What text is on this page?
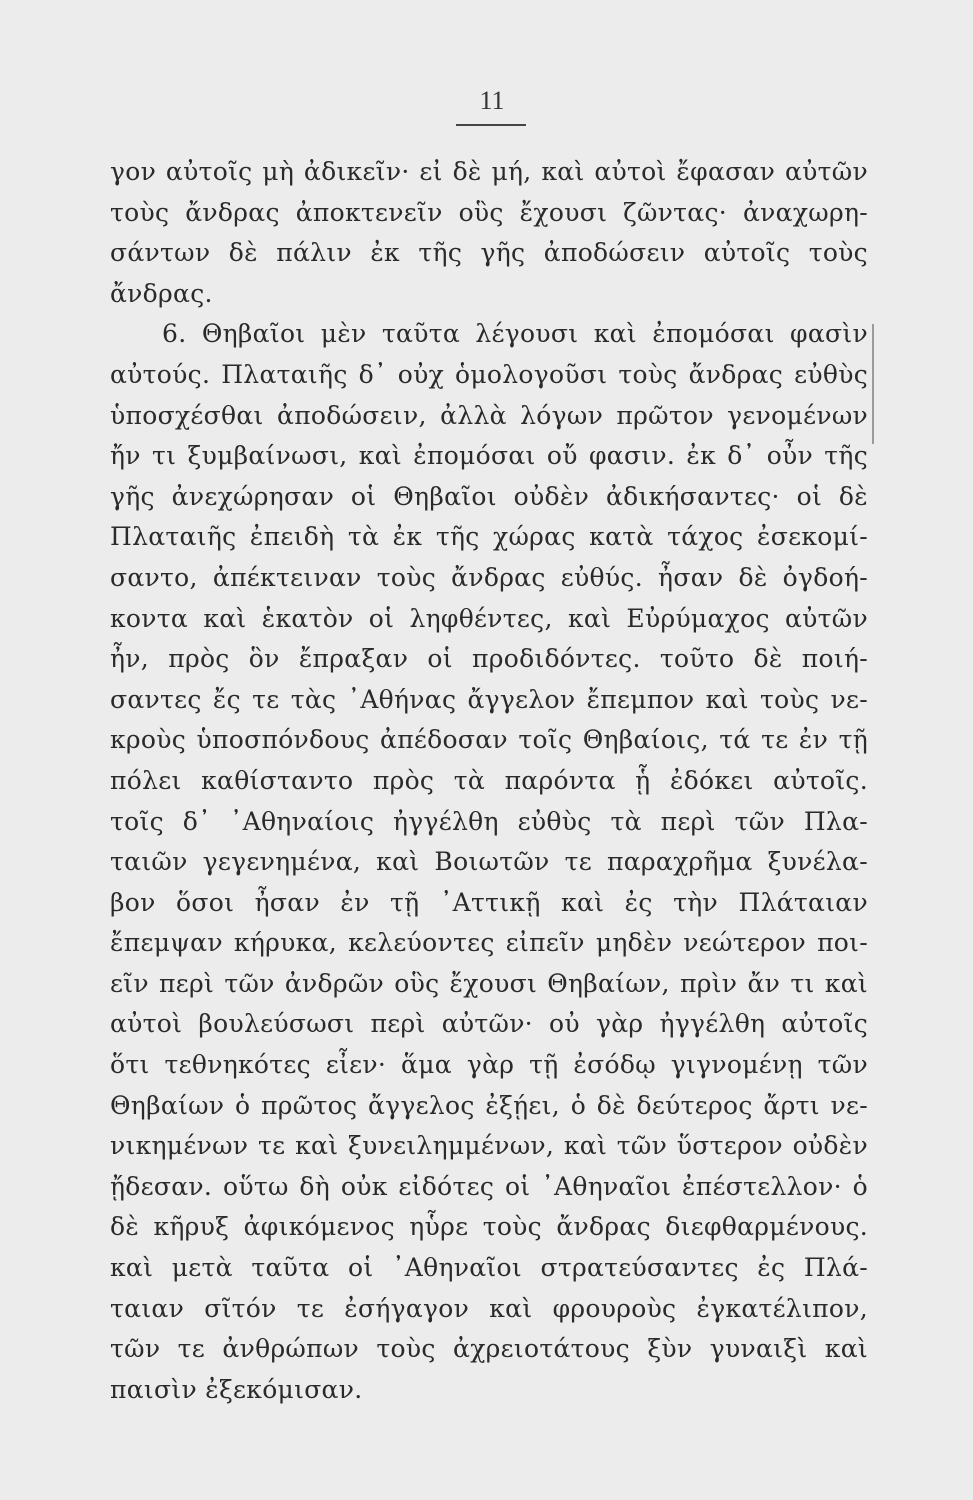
11
γον αὐτοῖς μὴ ἀδικεῖν· εἰ δὲ μή, καὶ αὐτοὶ ἔφασαν αὐτῶν
τοὺς ἄνδρας ἀποκτενεῖν οὓς ἔχουσι ζῶντας· ἀναχωρη-
σάντων δὲ πάλιν ἐκ τῆς γῆς ἀποδώσειν αὐτοῖς τοὺς
ἄνδρας.
6. Θηβαῖοι μὲν ταῦτα λέγουσι καὶ ἐπομόσαι φασὶν
αὐτούς. Πλαταιῆς δ᾽ οὐχ ὁμολογοῦσι τοὺς ἄνδρας εὐθὺς
ὑποσχέσθαι ἀποδώσειν, ἀλλὰ λόγων πρῶτον γενομένων
ἤν τι ξυμβαίνωσι, καὶ ἐπομόσαι οὔ φασιν. ἐκ δ᾽ οὖν τῆς
γῆς ἀνεχώρησαν οἱ Θηβαῖοι οὐδὲν ἀδικήσαντες· οἱ δὲ
Πλαταιῆς ἐπειδὴ τὰ ἐκ τῆς χώρας κατὰ τάχος ἐσεκομί-
σαντο, ἀπέκτειναν τοὺς ἄνδρας εὐθύς. ἦσαν δὲ ὀγδοή-
κοντα καὶ ἑκατὸν οἱ ληφθέντες, καὶ Εὐρύμαχος αὐτῶν
ἦν, πρὸς ὃν ἔπραξαν οἱ προδιδόντες. τοῦτο δὲ ποιή-
σαντες ἔς τε τὰς ᾿Αθήνας ἄγγελον ἔπεμπον καὶ τοὺς νε-
κροὺς ὑποσπόνδους ἀπέδοσαν τοῖς Θηβαίοις, τά τε ἐν τῇ
πόλει καθίσταντο πρὸς τὰ παρόντα ᾗ ἐδόκει αὐτοῖς.
τοῖς δ᾽ ᾿Αθηναίοις ἠγγέλθη εὐθὺς τὰ περὶ τῶν Πλα-
ταιῶν γεγενημένα, καὶ Βοιωτῶν τε παραχρῆμα ξυνέλα-
βον ὅσοι ἦσαν ἐν τῇ ᾿Αττικῇ καὶ ἐς τὴν Πλάταιαν
ἔπεμψαν κήρυκα, κελεύοντες εἰπεῖν μηδὲν νεώτερον ποι-
εῖν περὶ τῶν ἀνδρῶν οὓς ἔχουσι Θηβαίων, πρὶν ἄν τι καὶ
αὐτοὶ βουλεύσωσι περὶ αὐτῶν· οὐ γὰρ ἠγγέλθη αὐτοῖς
ὅτι τεθνηκότες εἶεν· ἅμα γὰρ τῇ ἐσόδῳ γιγνομένῃ τῶν
Θηβαίων ὁ πρῶτος ἄγγελος ἐξῄει, ὁ δὲ δεύτερος ἄρτι νε-
νικημένων τε καὶ ξυνειλημμένων, καὶ τῶν ὕστερον οὐδὲν
ᾔδεσαν. οὕτω δὴ οὐκ εἰδότες οἱ ᾿Αθηναῖοι ἐπέστελλον· ὁ
δὲ κῆρυξ ἀφικόμενος ηὗρε τοὺς ἄνδρας διεφθαρμένους.
καὶ μετὰ ταῦτα οἱ ᾿Αθηναῖοι στρατεύσαντες ἐς Πλά-
ταιαν σῖτόν τε ἐσήγαγον καὶ φρουροὺς ἐγκατέλιπον,
τῶν τε ἀνθρώπων τοὺς ἀχρειοτάτους ξὺν γυναιξὶ καὶ
παισὶν ἐξεκόμισαν.
